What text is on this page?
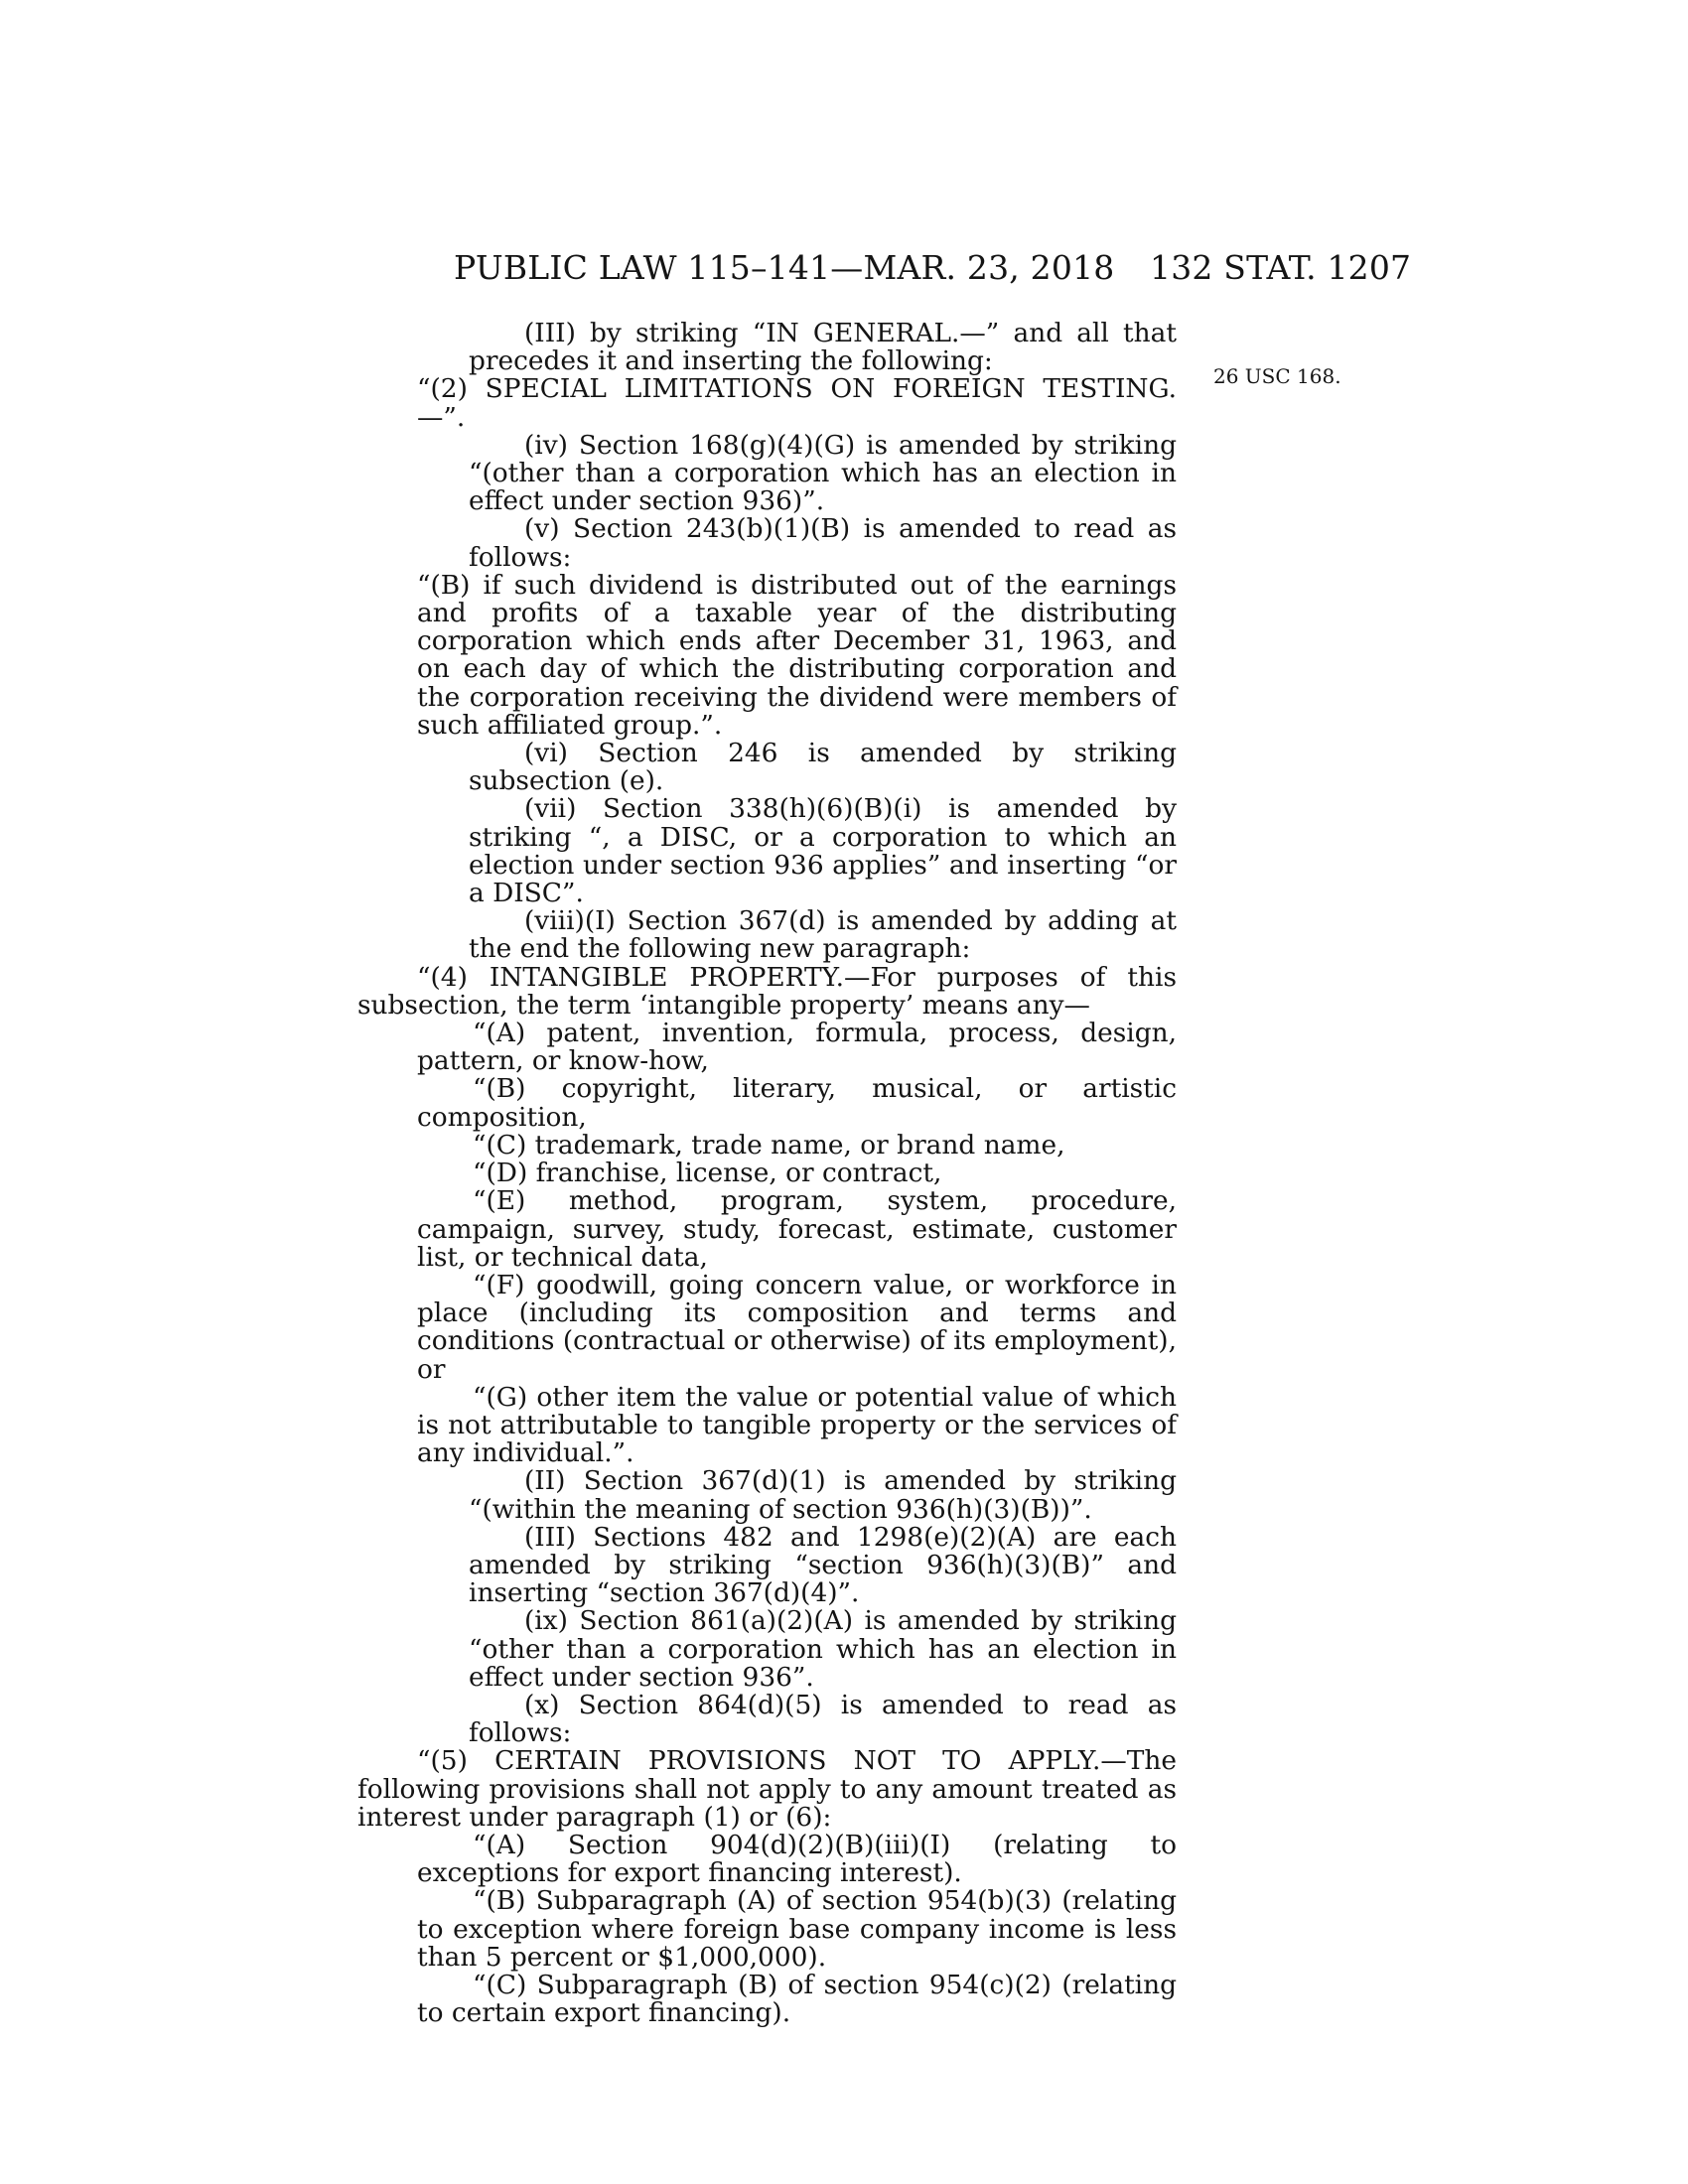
PUBLIC LAW 115–141—MAR. 23, 2018 132 STAT. 1207
26 USC 168.

(III) by striking “IN GENERAL.—” and all that precedes it and inserting the following:

“(2) SPECIAL LIMITATIONS ON FOREIGN TESTING.—”.

(iv) Section 168(g)(4)(G) is amended by striking “(other than a corporation which has an election in effect under section 936)”.

(v) Section 243(b)(1)(B) is amended to read as follows:

“(B) if such dividend is distributed out of the earnings and profits of a taxable year of the distributing corporation which ends after December 31, 1963, and on each day of which the distributing corporation and the corporation receiving the dividend were members of such affiliated group.”.

(vi) Section 246 is amended by striking subsection (e).

(vii) Section 338(h)(6)(B)(i) is amended by striking “, a DISC, or a corporation to which an election under section 936 applies” and inserting “or a DISC”.

(viii)(I) Section 367(d) is amended by adding at the end the following new paragraph:

“(4) INTANGIBLE PROPERTY.—For purposes of this subsection, the term ‘intangible property’ means any—

“(A) patent, invention, formula, process, design, pattern, or know-how,

“(B) copyright, literary, musical, or artistic composition,

“(C) trademark, trade name, or brand name,

“(D) franchise, license, or contract,

“(E) method, program, system, procedure, campaign, survey, study, forecast, estimate, customer list, or technical data,

“(F) goodwill, going concern value, or workforce in place (including its composition and terms and conditions (contractual or otherwise) of its employment), or

“(G) other item the value or potential value of which is not attributable to tangible property or the services of any individual.”.

(II) Section 367(d)(1) is amended by striking “(within the meaning of section 936(h)(3)(B))”.

(III) Sections 482 and 1298(e)(2)(A) are each amended by striking “section 936(h)(3)(B)” and inserting “section 367(d)(4)”.

(ix) Section 861(a)(2)(A) is amended by striking “other than a corporation which has an election in effect under section 936”.

(x) Section 864(d)(5) is amended to read as follows:

“(5) CERTAIN PROVISIONS NOT TO APPLY.—The following provisions shall not apply to any amount treated as interest under paragraph (1) or (6):

“(A) Section 904(d)(2)(B)(iii)(I) (relating to exceptions for export financing interest).

“(B) Subparagraph (A) of section 954(b)(3) (relating to exception where foreign base company income is less than 5 percent or $1,000,000).

“(C) Subparagraph (B) of section 954(c)(2) (relating to certain export financing).
